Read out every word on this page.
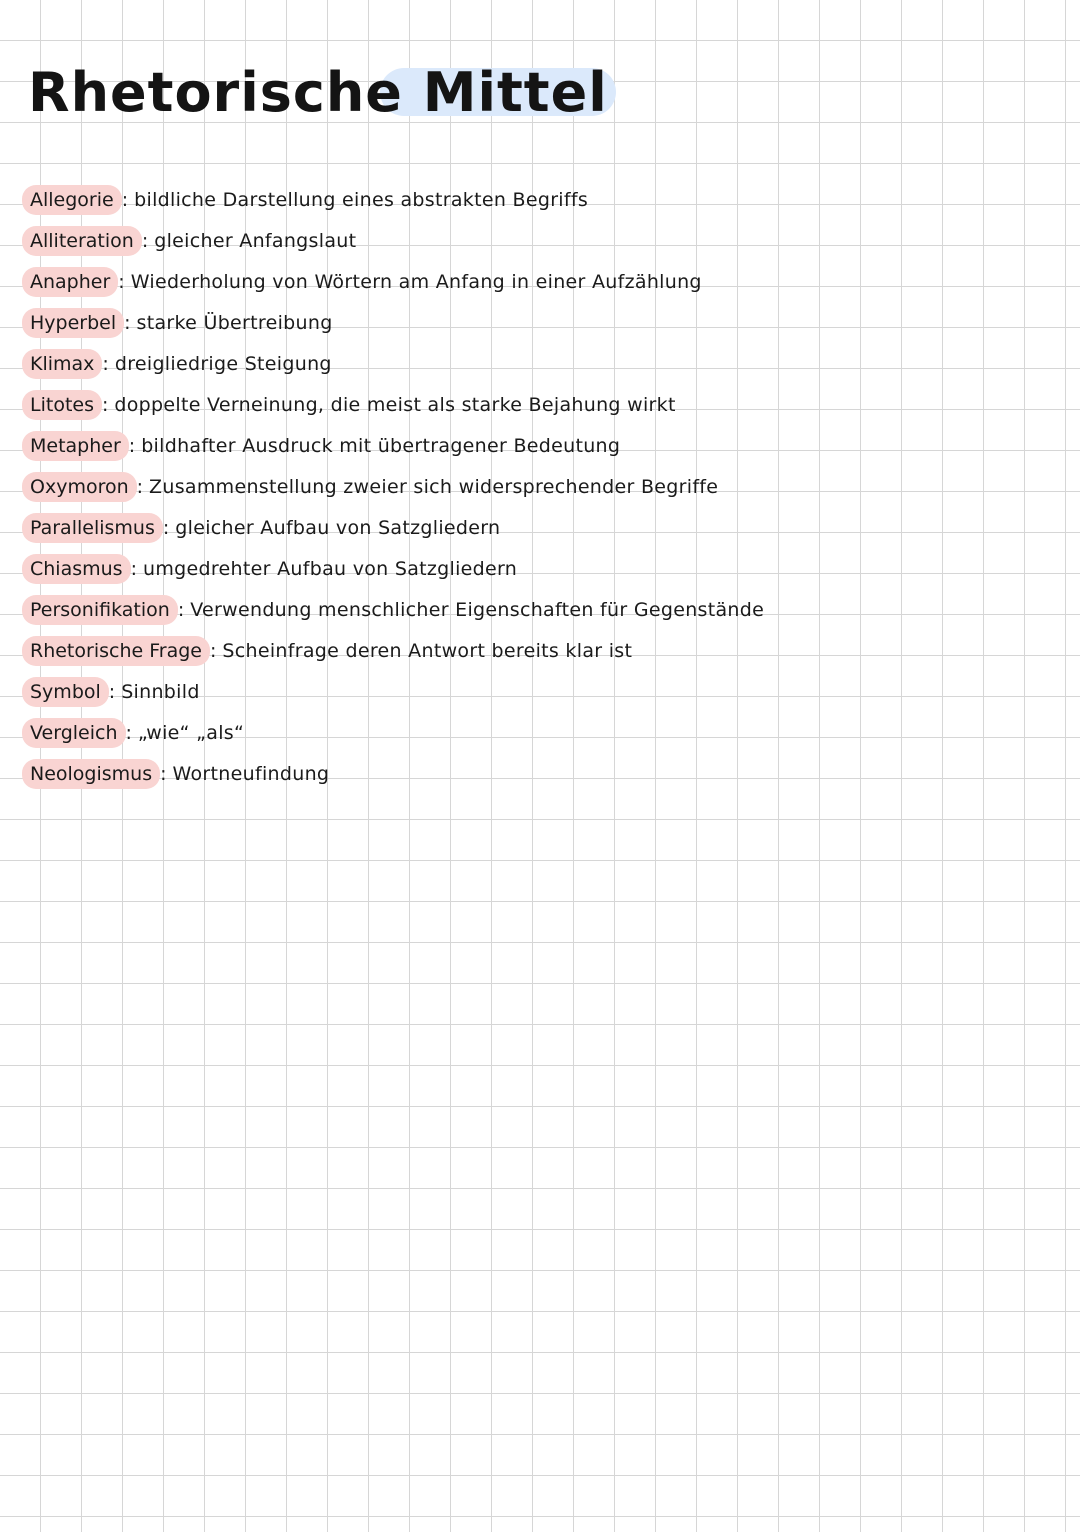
Rhetorische Mittel
Allegorie : bildliche Darstellung eines abstrakten Begriffs
Alliteration : gleicher Anfangslaut
Anapher : Wiederholung von Wörtern am Anfang in einer Aufzählung
Hyperbel : starke Übertreibung
Klimax : dreigliedrige Steigung
Litotes : doppelte Verneinung, die meist als starke Bejahung wirkt
Metapher : bildhafter Ausdruck mit übertragener Bedeutung
Oxymoron : Zusammenstellung zweier sich widersprechender Begriffe
Parallelismus : gleicher Aufbau von Satzgliedern
Chiasmus : umgedrehter Aufbau von Satzgliedern
Personifikation : Verwendung menschlicher Eigenschaften für Gegenstände
Rhetorische Frage : Scheinfrage deren Antwort bereits klar ist
Symbol : Sinnbild
Vergleich : „wie“ „als“
Neologismus : Wortneufindung
